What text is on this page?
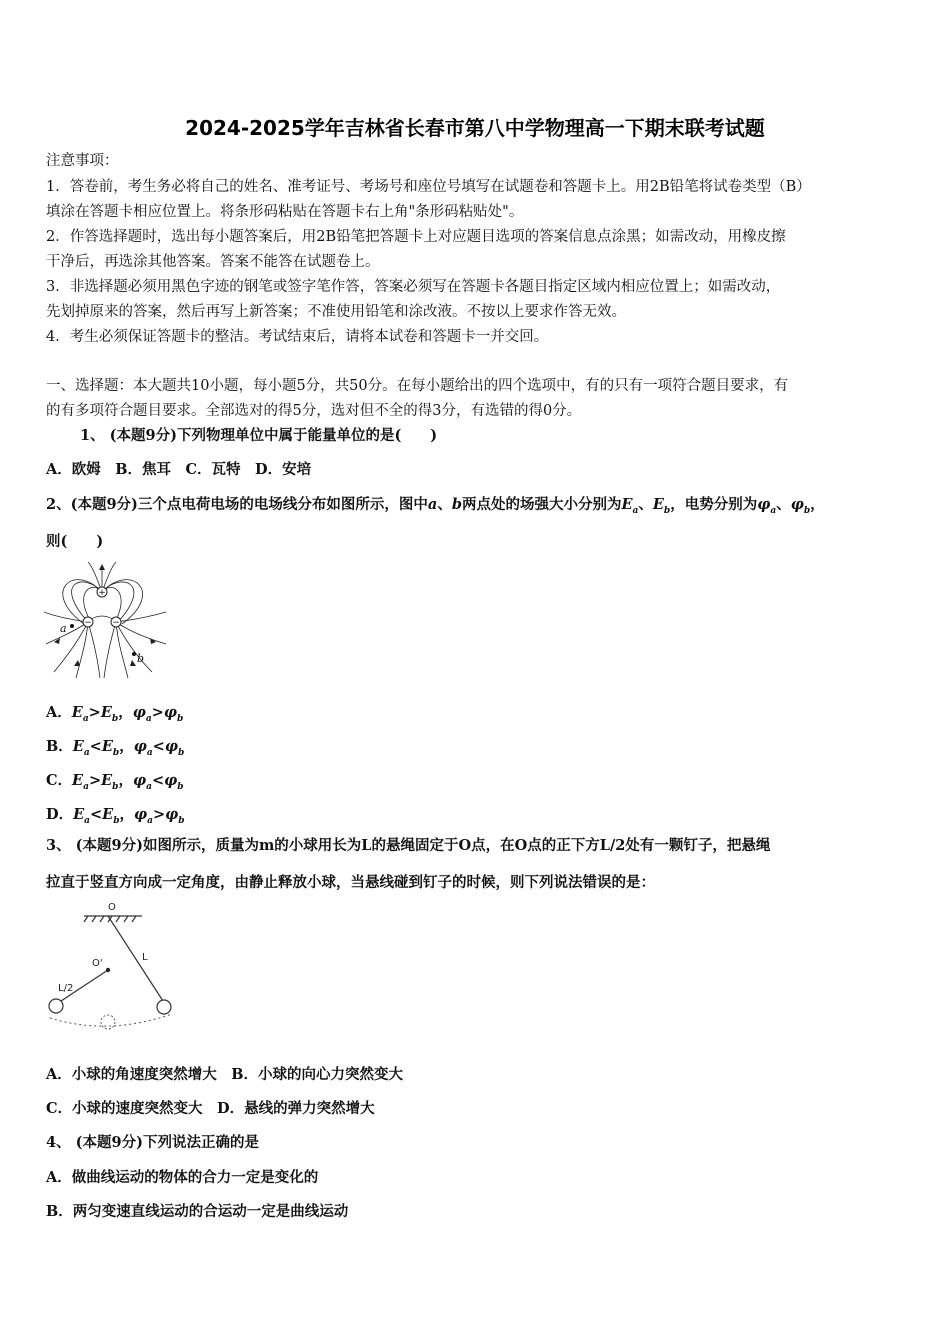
2024-2025学年吉林省长春市第八中学物理高一下期末联考试题
注意事项：
1．答卷前，考生务必将自己的姓名、准考证号、考场号和座位号填写在试题卷和答题卡上。用2B铅笔将试卷类型（B）
填涂在答题卡相应位置上。将条形码粘贴在答题卡右上角"条形码粘贴处"。
2．作答选择题时，选出每小题答案后，用2B铅笔把答题卡上对应题目选项的答案信息点涂黑；如需改动，用橡皮擦
干净后，再选涂其他答案。答案不能答在试题卷上。
3．非选择题必须用黑色字迹的钢笔或签字笔作答，答案必须写在答题卡各题目指定区域内相应位置上；如需改动，
先划掉原来的答案，然后再写上新答案；不准使用铅笔和涂改液。不按以上要求作答无效。
4．考生必须保证答题卡的整洁。考试结束后，请将本试卷和答题卡一并交回。
一、选择题：本大题共10小题，每小题5分，共50分。在每小题给出的四个选项中，有的只有一项符合题目要求，有
的有多项符合题目要求。全部选对的得5分，选对但不全的得3分，有选错的得0分。
1、 (本题9分)下列物理单位中属于能量单位的是(　　)
A．欧姆　B．焦耳　C．瓦特　D．安培
2、(本题9分)三个点电荷电场的电场线分布如图所示，图中a、b两点处的场强大小分别为$E_a$、$E_b$，电势分别为$\varphi_a$、$\varphi_b$，
则(　　)
+
− −
a
b
A．$E_a>E_b$，$\varphi_a>\varphi_b$
B．$E_a<E_b$，$\varphi_a<\varphi_b$
C．$E_a>E_b$，$\varphi_a<\varphi_b$
D．$E_a<E_b$，$\varphi_a>\varphi_b$
3、 (本题9分)如图所示，质量为m的小球用长为L的悬绳固定于O点，在O点的正下方L/2处有一颗钉子，把悬绳
拉直于竖直方向成一定角度，由静止释放小球，当悬线碰到钉子的时候，则下列说法错误的是：
O
O'
L
L/2
A．小球的角速度突然增大　B．小球的向心力突然变大
C．小球的速度突然变大　D．悬线的弹力突然增大
4、 (本题9分)下列说法正确的是
A．做曲线运动的物体的合力一定是变化的
B．两匀变速直线运动的合运动一定是曲线运动
